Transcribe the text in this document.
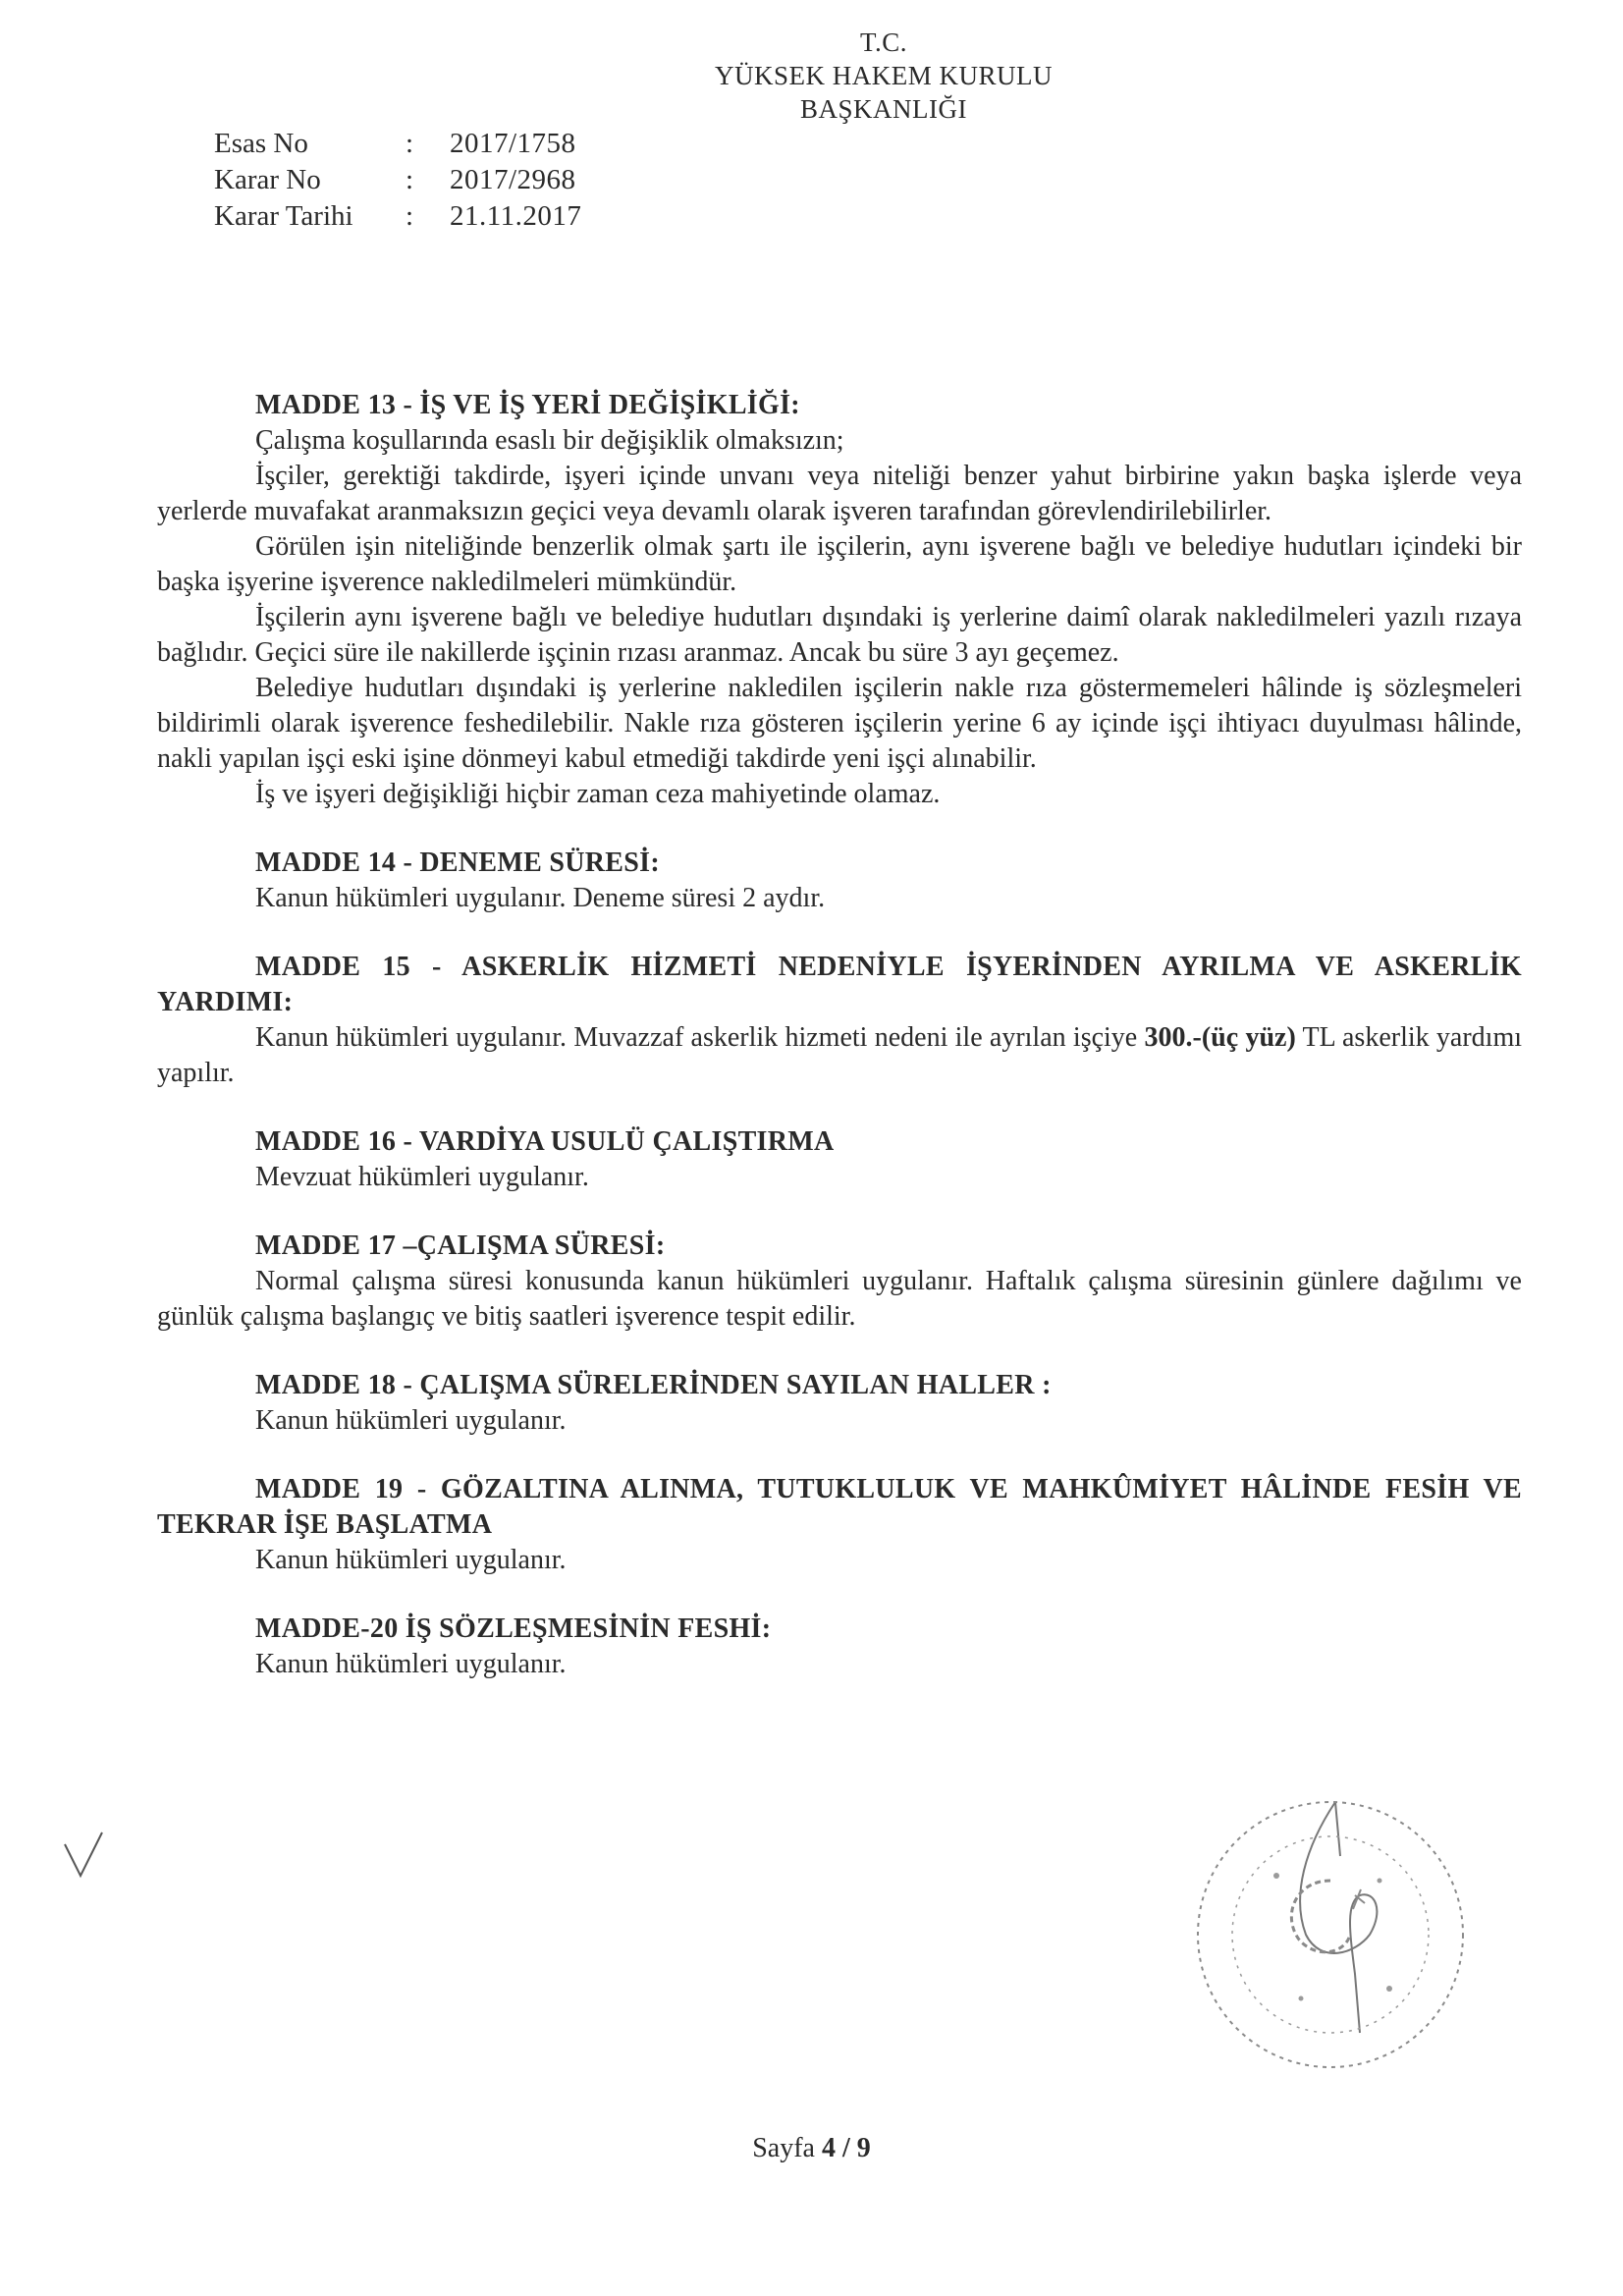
T.C.
YÜKSEK HAKEM KURULU
BAŞKANLIĞI
Esas No	:	2017/1758
Karar No	:	2017/2968
Karar Tarihi	:	21.11.2017
MADDE 13 - İŞ VE İŞ YERİ DEĞİŞİKLİĞİ:

Çalışma koşullarında esaslı bir değişiklik olmaksızın;

İşçiler, gerektiği takdirde, işyeri içinde unvanı veya niteliği benzer yahut birbirine yakın başka işlerde veya yerlerde muvafakat aranmaksızın geçici veya devamlı olarak işveren tarafından görevlendirilebilirler.

Görülen işin niteliğinde benzerlik olmak şartı ile işçilerin, aynı işverene bağlı ve belediye hudutları içindeki bir başka işyerine işverence nakledilmeleri mümkündür.

İşçilerin aynı işverene bağlı ve belediye hudutları dışındaki iş yerlerine daimî olarak nakledilmeleri yazılı rızaya bağlıdır. Geçici süre ile nakillerde işçinin rızası aranmaz. Ancak bu süre 3 ayı geçemez.

Belediye hudutları dışındaki iş yerlerine nakledilen işçilerin nakle rıza göstermemeleri hâlinde iş sözleşmeleri bildirimli olarak işverence feshedilebilir. Nakle rıza gösteren işçilerin yerine 6 ay içinde işçi ihtiyacı duyulması hâlinde, nakli yapılan işçi eski işine dönmeyi kabul etmediği takdirde yeni işçi alınabilir.

İş ve işyeri değişikliği hiçbir zaman ceza mahiyetinde olamaz.

MADDE 14 - DENEME SÜRESİ:

Kanun hükümleri uygulanır. Deneme süresi 2 aydır.

MADDE 15 - ASKERLİK HİZMETİ NEDENİYLE İŞYERİNDEN AYRILMA VE ASKERLİK YARDIMI:

Kanun hükümleri uygulanır. Muvazzaf askerlik hizmeti nedeni ile ayrılan işçiye 300.-(üç yüz) TL askerlik yardımı yapılır.

MADDE 16 - VARDİYA USULÜ ÇALIŞTIRMA

Mevzuat hükümleri uygulanır.

MADDE 17 –ÇALIŞMA SÜRESİ:

Normal çalışma süresi konusunda kanun hükümleri uygulanır. Haftalık çalışma süresinin günlere dağılımı ve günlük çalışma başlangıç ve bitiş saatleri işverence tespit edilir.

MADDE 18 - ÇALIŞMA SÜRELERİNDEN SAYILAN HALLER :

Kanun hükümleri uygulanır.

MADDE 19 - GÖZALTINA ALINMA, TUTUKLULUK VE MAHKÛMİYET HÂLİNDE FESİH VE TEKRAR İŞE BAŞLATMA

Kanun hükümleri uygulanır.

MADDE-20 İŞ SÖZLEŞMESİNİN FESHİ:

Kanun hükümleri uygulanır.

Sayfa 4 / 9
